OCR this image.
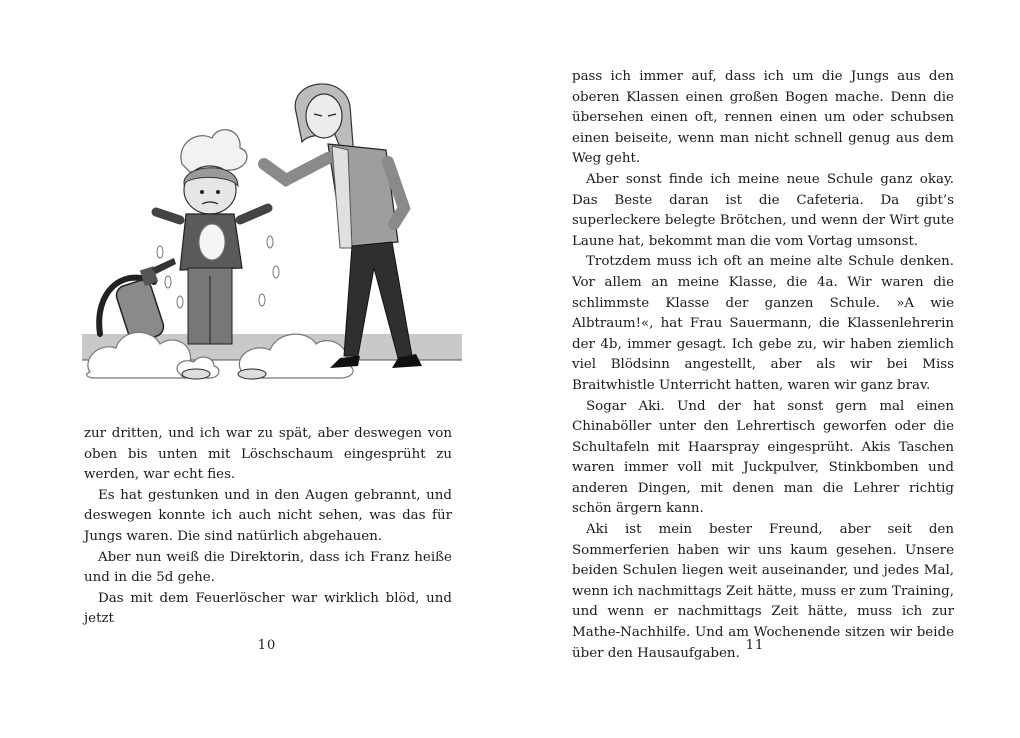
zur dritten, und ich war zu spät, aber deswegen von oben bis unten mit Löschschaum eingesprüht zu werden, war echt fies.

Es hat gestunken und in den Augen gebrannt, und deswegen konnte ich auch nicht sehen, was das für Jungs waren. Die sind natürlich abgehauen.

Aber nun weiß die Direktorin, dass ich Franz heiße und in die 5d gehe.

Das mit dem Feuerlöscher war wirklich blöd, und jetzt

10

pass ich immer auf, dass ich um die Jungs aus den oberen Klassen einen großen Bogen mache. Denn die übersehen einen oft, rennen einen um oder schubsen einen beiseite, wenn man nicht schnell genug aus dem Weg geht.

Aber sonst finde ich meine neue Schule ganz okay. Das Beste daran ist die Cafeteria. Da gibt’s superleckere belegte Brötchen, und wenn der Wirt gute Laune hat, bekommt man die vom Vortag umsonst.

Trotzdem muss ich oft an meine alte Schule denken. Vor allem an meine Klasse, die 4a. Wir waren die schlimmste Klasse der ganzen Schule. »A wie Albtraum!«, hat Frau Sauermann, die Klassenlehrerin der 4b, immer gesagt. Ich gebe zu, wir haben ziemlich viel Blödsinn angestellt, aber als wir bei Miss Braitwhistle Unterricht hatten, waren wir ganz brav.

Sogar Aki. Und der hat sonst gern mal einen Chinaböller unter den Lehrertisch geworfen oder die Schultafeln mit Haarspray eingesprüht. Akis Taschen waren immer voll mit Juckpulver, Stinkbomben und anderen Dingen, mit denen man die Lehrer richtig schön ärgern kann.

Aki ist mein bester Freund, aber seit den Sommerferien haben wir uns kaum gesehen. Unsere beiden Schulen liegen weit auseinander, und jedes Mal, wenn ich nachmittags Zeit hätte, muss er zum Training, und wenn er nachmittags Zeit hätte, muss ich zur Mathe-Nachhilfe. Und am Wochenende sitzen wir beide über den Hausaufgaben.

11
